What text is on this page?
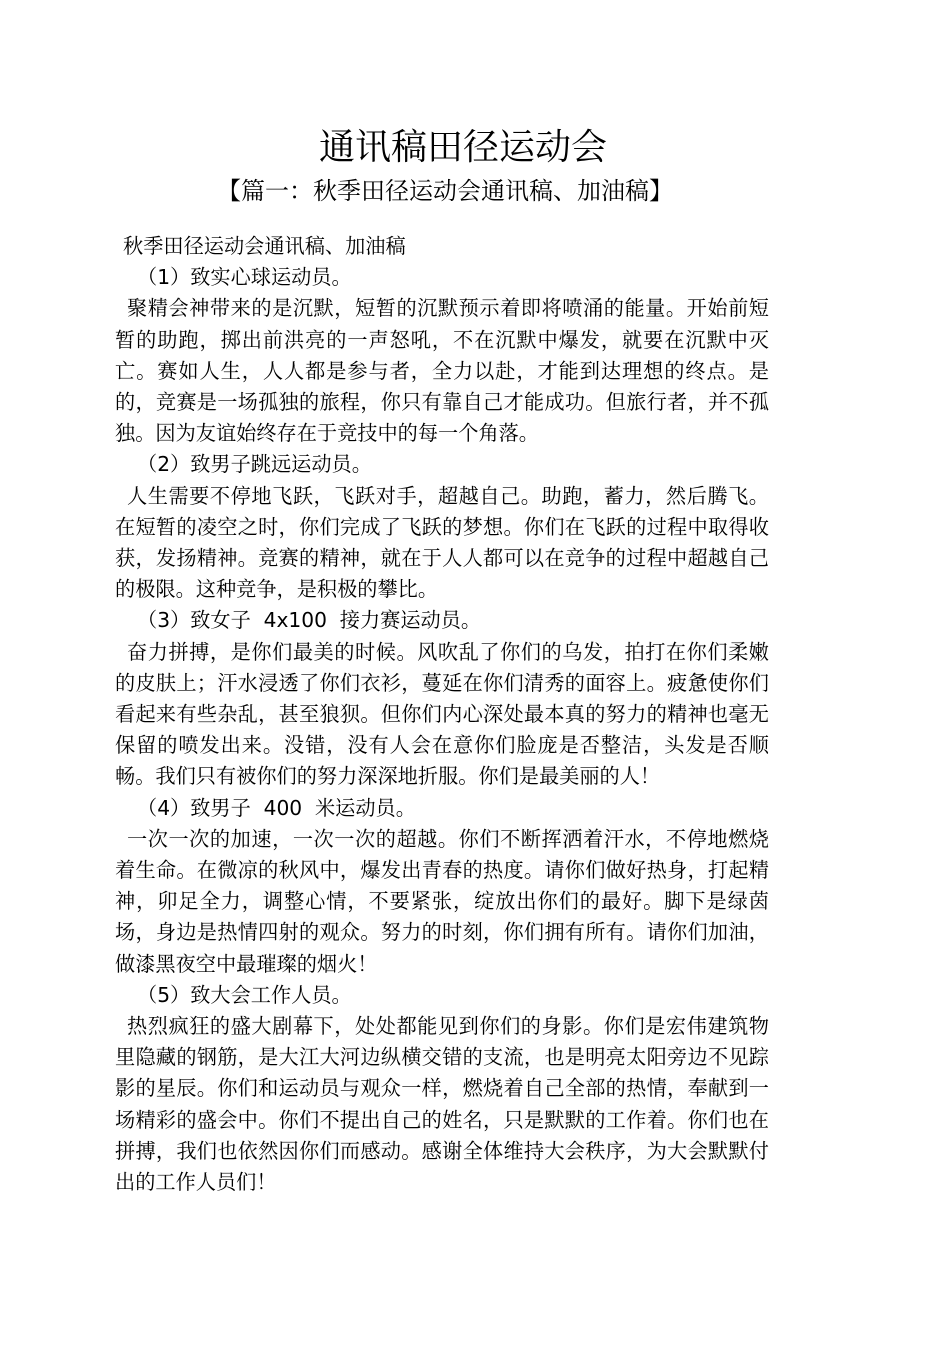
通讯稿田径运动会
【篇一：秋季田径运动会通讯稿、加油稿】

秋季田径运动会通讯稿、加油稿

（1）致实心球运动员。

聚精会神带来的是沉默，短暂的沉默预示着即将喷涌的能量。开始前短暂的助跑，掷出前洪亮的一声怒吼，不在沉默中爆发，就要在沉默中灭亡。赛如人生，人人都是参与者，全力以赴，才能到达理想的终点。是的，竞赛是一场孤独的旅程，你只有靠自己才能成功。但旅行者，并不孤独。因为友谊始终存在于竞技中的每一个角落。

（2）致男子跳远运动员。

人生需要不停地飞跃，飞跃对手，超越自己。助跑，蓄力，然后腾飞。在短暂的凌空之时，你们完成了飞跃的梦想。你们在飞跃的过程中取得收获，发扬精神。竞赛的精神，就在于人人都可以在竞争的过程中超越自己的极限。这种竞争，是积极的攀比。

（3）致女子  4x100  接力赛运动员。

奋力拼搏，是你们最美的时候。风吹乱了你们的乌发，拍打在你们柔嫩的皮肤上；汗水浸透了你们衣衫，蔓延在你们清秀的面容上。疲惫使你们看起来有些杂乱，甚至狼狈。但你们内心深处最本真的努力的精神也毫无保留的喷发出来。没错，没有人会在意你们脸庞是否整洁，头发是否顺畅。我们只有被你们的努力深深地折服。你们是最美丽的人！

（4）致男子  400  米运动员。

一次一次的加速，一次一次的超越。你们不断挥洒着汗水，不停地燃烧着生命。在微凉的秋风中，爆发出青春的热度。请你们做好热身，打起精神，卯足全力，调整心情，不要紧张，绽放出你们的最好。脚下是绿茵场，身边是热情四射的观众。努力的时刻，你们拥有所有。请你们加油，做漆黑夜空中最璀璨的烟火！

（5）致大会工作人员。

热烈疯狂的盛大剧幕下，处处都能见到你们的身影。你们是宏伟建筑物里隐藏的钢筋，是大江大河边纵横交错的支流，也是明亮太阳旁边不见踪影的星辰。你们和运动员与观众一样，燃烧着自己全部的热情，奉献到一场精彩的盛会中。你们不提出自己的姓名，只是默默的工作着。你们也在拼搏，我们也依然因你们而感动。感谢全体维持大会秩序，为大会默默付出的工作人员们！
